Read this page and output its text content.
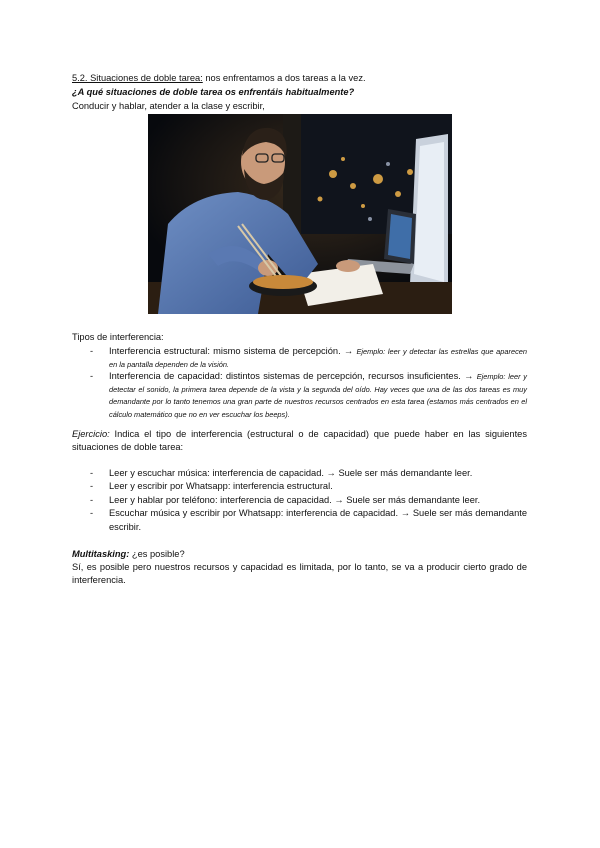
5.2. Situaciones de doble tarea: nos enfrentamos a dos tareas a la vez.
¿A qué situaciones de doble tarea os enfrentáis habitualmente?
Conducir y hablar, atender a la clase y escribir,
Tipos de interferencia:
- Interferencia estructural: mismo sistema de percepción. → Ejemplo: leer y detectar las estrellas que aparecen en la pantalla dependen de la visión.
- Interferencia de capacidad: distintos sistemas de percepción, recursos insuficientes. → Ejemplo: leer y detectar el sonido, la primera tarea depende de la vista y la segunda del oído. Hay veces que una de las dos tareas es muy demandante por lo tanto tenemos una gran parte de nuestros recursos centrados en esta tarea (estamos más centrados en el cálculo matemático que no en ver escuchar los beeps).
Ejercicio: Indica el tipo de interferencia (estructural o de capacidad) que puede haber en las siguientes situaciones de doble tarea:
- Leer y escuchar música: interferencia de capacidad. → Suele ser más demandante leer.
- Leer y escribir por Whatsapp: interferencia estructural.
- Leer y hablar por teléfono: interferencia de capacidad. → Suele ser más demandante leer.
- Escuchar música y escribir por Whatsapp: interferencia de capacidad. → Suele ser más demandante escribir.
Multitasking: ¿es posible?
Sí, es posible pero nuestros recursos y capacidad es limitada, por lo tanto, se va a producir cierto grado de interferencia.
